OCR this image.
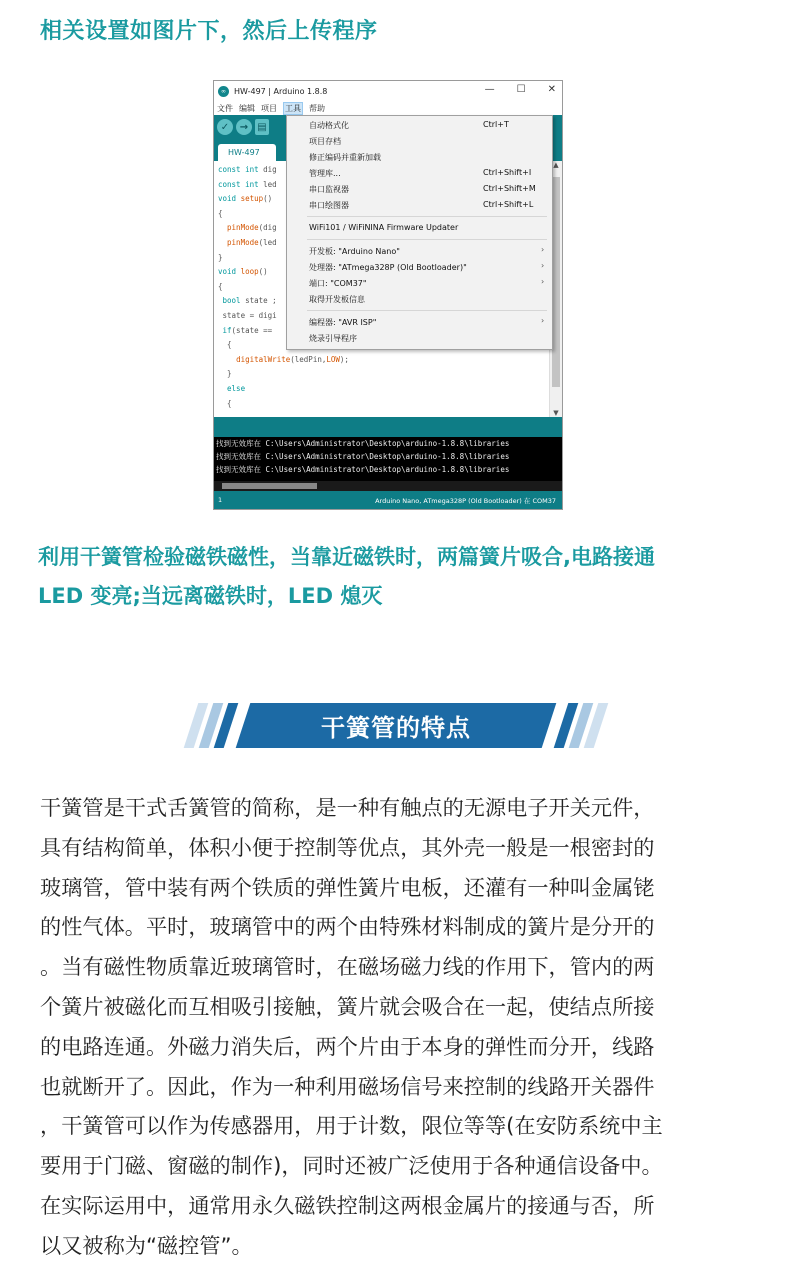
相关设置如图片下，然后上传程序
∞	HW-497 | Arduino 1.8.8	— ☐ ✕
文件 编辑 项目 工具 帮助
✓	→ ▤
HW-497
const int dig
const int led
void setup()
{
pinMode(dig
pinMode(led
}
void loop()
{
bool state ;
state = digi
if(state ==
{
digitalWrite(ledPin,LOW);
}
else
{
▲
▼
找到无效库在 C:\Users\Administrator\Desktop\arduino-1.8.8\libraries
找到无效库在 C:\Users\Administrator\Desktop\arduino-1.8.8\libraries
找到无效库在 C:\Users\Administrator\Desktop\arduino-1.8.8\libraries
1	Arduino Nano, ATmega328P (Old Bootloader) 在 COM37
自动格式化	Ctrl+T
项目存档
修正编码并重新加载
管理库...	Ctrl+Shift+I
串口监视器	Ctrl+Shift+M
串口绘图器	Ctrl+Shift+L
WiFi101 / WiFiNINA Firmware Updater
开发板: "Arduino Nano"	›
处理器: "ATmega328P (Old Bootloader)"	›
端口: "COM37"	›
取得开发板信息
编程器: "AVR ISP"	›
烧录引导程序
利用干簧管检验磁铁磁性，当靠近磁铁时，两篇簧片吸合,电路接通
LED 变亮;当远离磁铁时，LED 熄灭
干簧管的特点
干簧管是干式舌簧管的简称，是一种有触点的无源电子开关元件，
具有结构简单，体积小便于控制等优点，其外壳一般是一根密封的
玻璃管，管中装有两个铁质的弹性簧片电板，还灌有一种叫金属铑
的性气体。平时，玻璃管中的两个由特殊材料制成的簧片是分开的
。当有磁性物质靠近玻璃管时，在磁场磁力线的作用下，管内的两
个簧片被磁化而互相吸引接触，簧片就会吸合在一起，使结点所接
的电路连通。外磁力消失后，两个片由于本身的弹性而分开，线路
也就断开了。因此，作为一种利用磁场信号来控制的线路开关器件
，干簧管可以作为传感器用，用于计数，限位等等(在安防系统中主
要用于门磁、窗磁的制作)，同时还被广泛使用于各种通信设备中。
在实际运用中，通常用永久磁铁控制这两根金属片的接通与否，所
以又被称为“磁控管”。
